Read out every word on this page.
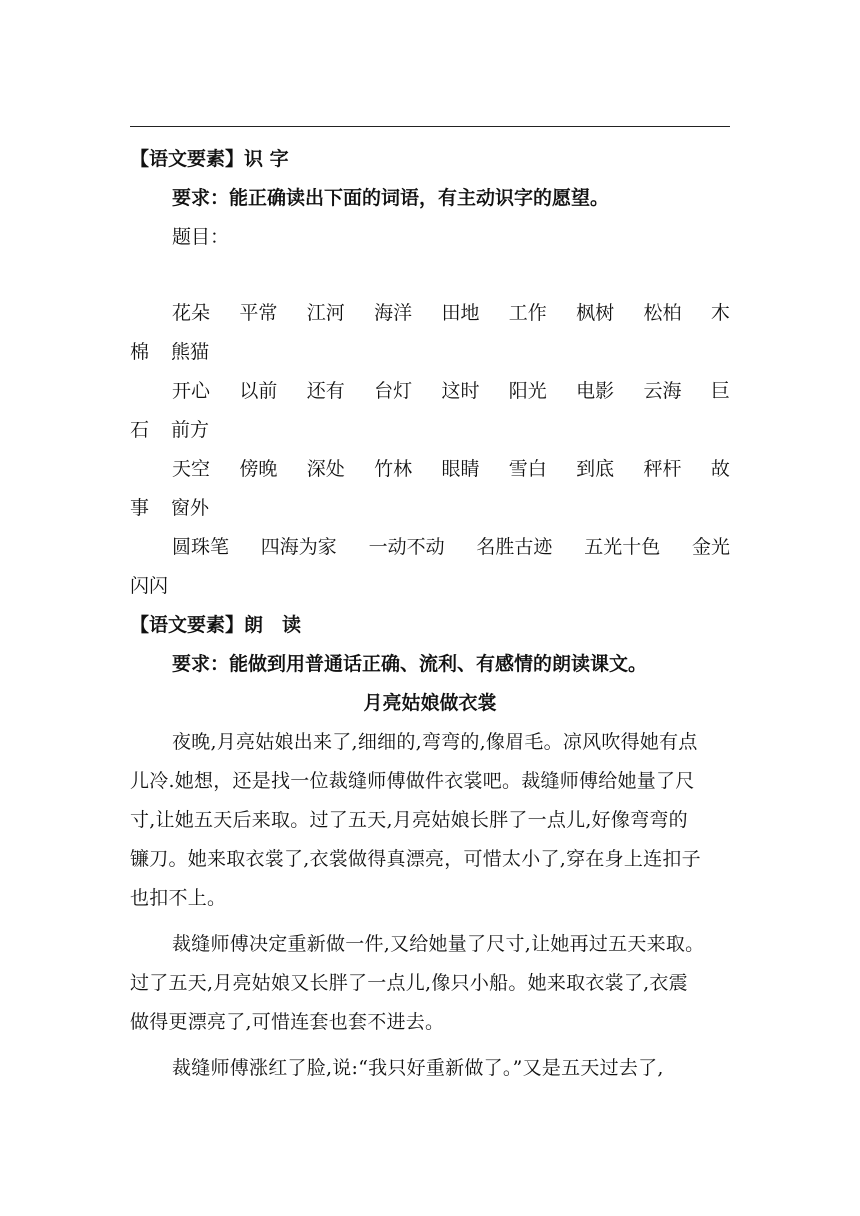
【语文要素】识 字
要求：能正确读出下面的词语，有主动识字的愿望。
题目：
花朵 平常 江河 海洋 田地 工作 枫树 松柏 木
棉 熊猫
开心 以前 还有 台灯 这时 阳光 电影 云海 巨
石 前方
天空 傍晚 深处 竹林 眼睛 雪白 到底 秤杆 故
事 窗外
圆珠笔 四海为家 一动不动 名胜古迹 五光十色 金光
闪闪
【语文要素】朗　读
要求：能做到用普通话正确、流利、有感情的朗读课文。
月亮姑娘做衣裳
夜晚,月亮姑娘出来了,细细的,弯弯的,像眉毛。凉风吹得她有点
儿冷.她想，还是找一位裁缝师傅做件衣裳吧。裁缝师傅给她量了尺
寸,让她五天后来取。过了五天,月亮姑娘长胖了一点儿,好像弯弯的
镰刀。她来取衣裳了,衣裳做得真漂亮，可惜太小了,穿在身上连扣子
也扣不上。
裁缝师傅决定重新做一件,又给她量了尺寸,让她再过五天来取。
过了五天,月亮姑娘又长胖了一点儿,像只小船。她来取衣裳了,衣震
做得更漂亮了,可惜连套也套不进去。
裁缝师傅涨红了脸,说:“我只好重新做了。”又是五天过去了,
